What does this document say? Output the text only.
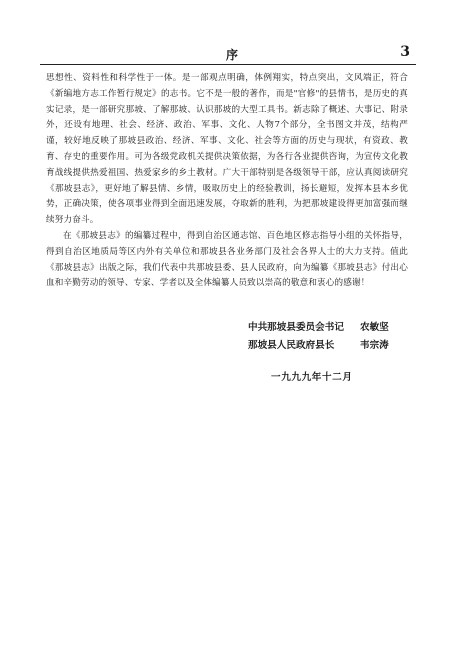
序	3

思想性、资料性和科学性于一体。是一部观点明确，体例翔实，特点突出，文风端正，符合《新编地方志工作暂行规定》的志书。它不是一般的著作，而是"官修"的县情书，是历史的真实记录，是一部研究那坡、了解那坡、认识那坡的大型工具书。新志除了概述、大事记、附录外，还设有地理、社会、经济、政治、军事、文化、人物7个部分，全书图文并茂，结构严谨，较好地反映了那坡县政治、经济、军事、文化、社会等方面的历史与现状，有资政、教育、存史的重要作用。可为各级党政机关提供决策依据，为各行各业提供咨询，为宣传文化教育战线提供热爱祖国、热爱家乡的乡土教材。广大干部特别是各级领导干部，应认真阅读研究《那坡县志》，更好地了解县情、乡情，吸取历史上的经验教训，扬长避短，发挥本县本乡优势，正确决策，使各项事业得到全面迅速发展，夺取新的胜利，为把那坡建设得更加富强而继续努力奋斗。

在《那坡县志》的编纂过程中，得到自治区通志馆、百色地区修志指导小组的关怀指导，得到自治区地质局等区内外有关单位和那坡县各业务部门及社会各界人士的大力支持。值此《那坡县志》出版之际，我们代表中共那坡县委、县人民政府，向为编纂《那坡县志》付出心血和辛勤劳动的领导、专家、学者以及全体编纂人员致以崇高的敬意和衷心的感谢！

中共那坡县委员会书记 农敏坚
那坡县人民政府县长	韦宗涛
一九九九年十二月
